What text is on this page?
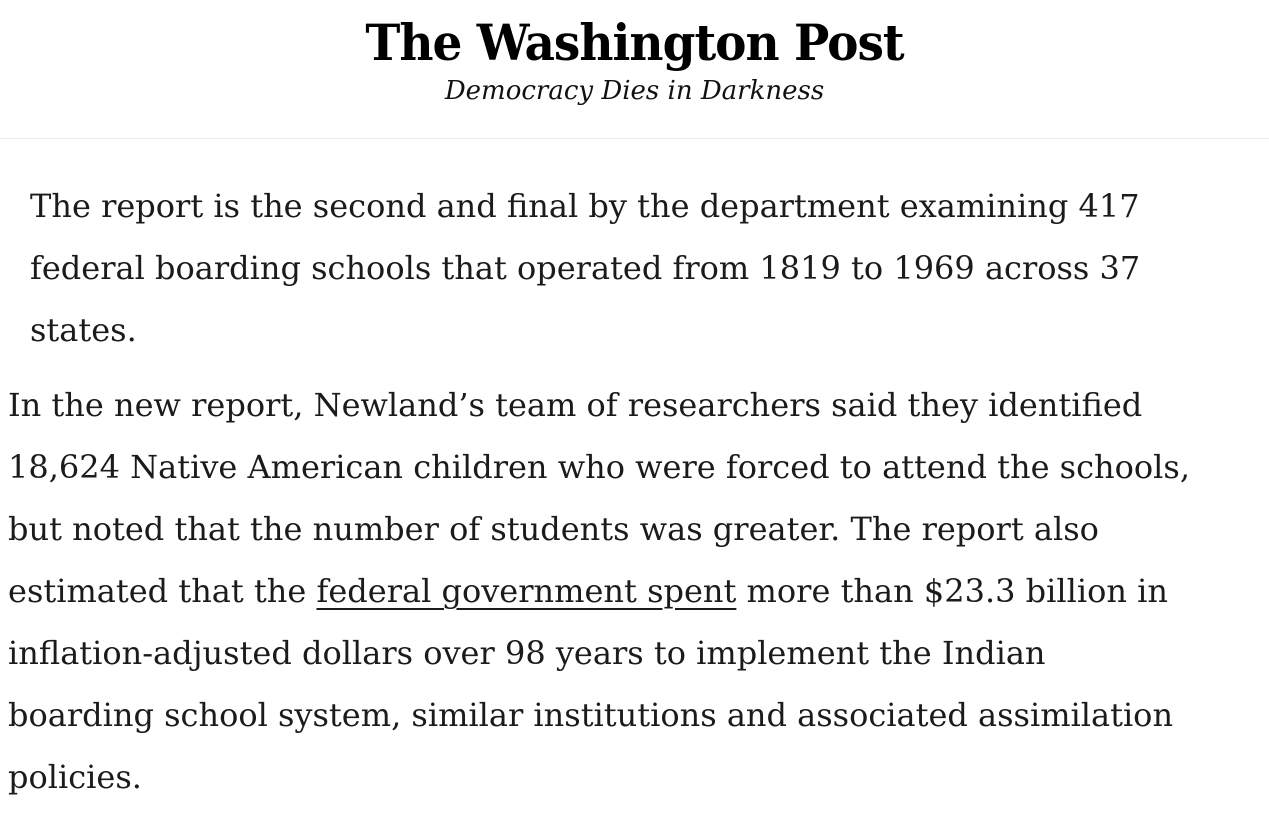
The Washington Post
Democracy Dies in Darkness
The report is the second and final by the department examining 417
federal boarding schools that operated from 1819 to 1969 across 37
states.
In the new report, Newland’s team of researchers said they identified
18,624 Native American children who were forced to attend the schools,
but noted that the number of students was greater. The report also
estimated that the federal government spent more than $23.3 billion in
inflation-adjusted dollars over 98 years to implement the Indian
boarding school system, similar institutions and associated assimilation
policies.
